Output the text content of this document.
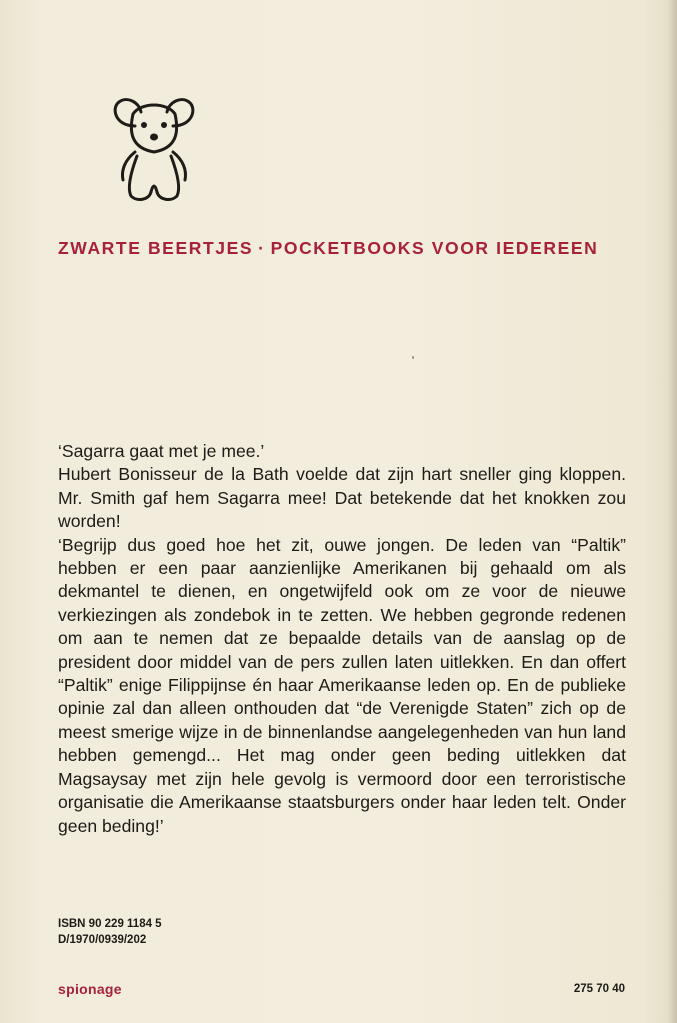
ZWARTE BEERTJES · POCKETBOOKS VOOR IEDEREEN

‘Sagarra gaat met je mee.’

Hubert Bonisseur de la Bath voelde dat zijn hart sneller ging kloppen. Mr. Smith gaf hem Sagarra mee! Dat betekende dat het knokken zou worden!

‘Begrijp dus goed hoe het zit, ouwe jongen. De leden van “Paltik” hebben er een paar aanzienlijke Amerikanen bij gehaald om als dekmantel te dienen, en ongetwijfeld ook om ze voor de nieuwe verkiezingen als zondebok in te zetten. We hebben gegronde redenen om aan te nemen dat ze bepaalde details van de aanslag op de president door middel van de pers zullen laten uitlekken. En dan offert “Paltik” enige Filippijnse én haar Amerikaanse leden op. En de publieke opinie zal dan alleen onthouden dat “de Verenigde Staten” zich op de meest smerige wijze in de binnenlandse aangelegenheden van hun land hebben gemengd... Het mag onder geen beding uitlekken dat Magsaysay met zijn hele gevolg is vermoord door een terroristische organisatie die Amerikaanse staatsburgers onder haar leden telt. Onder geen beding!’

ISBN 90 229 1184 5
D/1970/0939/202
spionage	275 70 40
